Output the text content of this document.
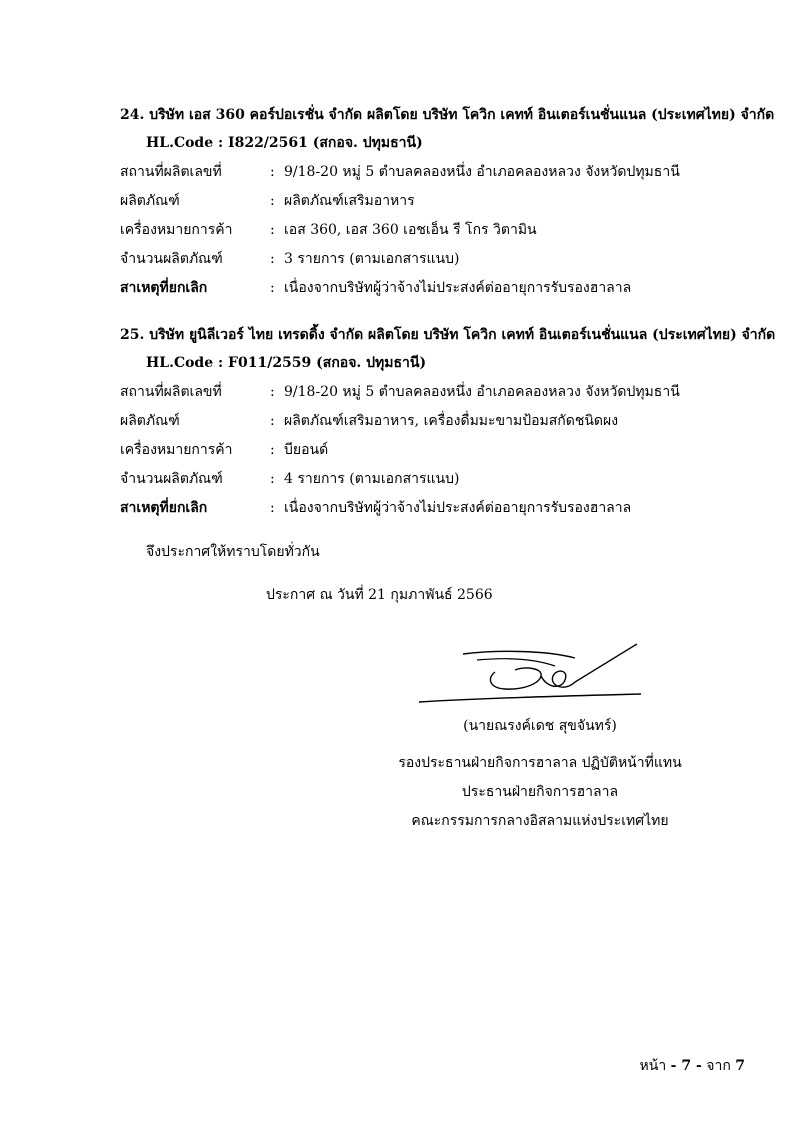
24. บริษัท เอส 360 คอร์ปอเรชั่น จำกัด ผลิตโดย บริษัท โควิก เคทท์ อินเตอร์เนชั่นแนล (ประเทศไทย) จำกัด
HL.Code : I822/2561 (สกอจ. ปทุมธานี)
สถานที่ผลิตเลขที่	: 9/18-20 หมู่ 5 ตำบลคลองหนึ่ง อำเภอคลองหลวง จังหวัดปทุมธานี
ผลิตภัณฑ์	: ผลิตภัณฑ์เสริมอาหาร
เครื่องหมายการค้า	: เอส 360, เอส 360 เอชเอ็น รี โกร วิตามิน
จำนวนผลิตภัณฑ์	: 3 รายการ (ตามเอกสารแนบ)
สาเหตุที่ยกเลิก	: เนื่องจากบริษัทผู้ว่าจ้างไม่ประสงค์ต่ออายุการรับรองฮาลาล
25. บริษัท ยูนิลีเวอร์ ไทย เทรดดิ้ง จำกัด ผลิตโดย บริษัท โควิก เคทท์ อินเตอร์เนชั่นแนล (ประเทศไทย) จำกัด
HL.Code : F011/2559 (สกอจ. ปทุมธานี)
สถานที่ผลิตเลขที่	: 9/18-20 หมู่ 5 ตำบลคลองหนึ่ง อำเภอคลองหลวง จังหวัดปทุมธานี
ผลิตภัณฑ์	: ผลิตภัณฑ์เสริมอาหาร, เครื่องดื่มมะขามป้อมสกัดชนิดผง
เครื่องหมายการค้า	: บียอนด์
จำนวนผลิตภัณฑ์	: 4 รายการ (ตามเอกสารแนบ)
สาเหตุที่ยกเลิก	: เนื่องจากบริษัทผู้ว่าจ้างไม่ประสงค์ต่ออายุการรับรองฮาลาล
จึงประกาศให้ทราบโดยทั่วกัน
ประกาศ ณ วันที่ 21 กุมภาพันธ์ 2566
(นายณรงค์เดช สุขจันทร์)
รองประธานฝ่ายกิจการฮาลาล ปฏิบัติหน้าที่แทน
ประธานฝ่ายกิจการฮาลาล
คณะกรรมการกลางอิสลามแห่งประเทศไทย
หน้า - 7 - จาก 7
